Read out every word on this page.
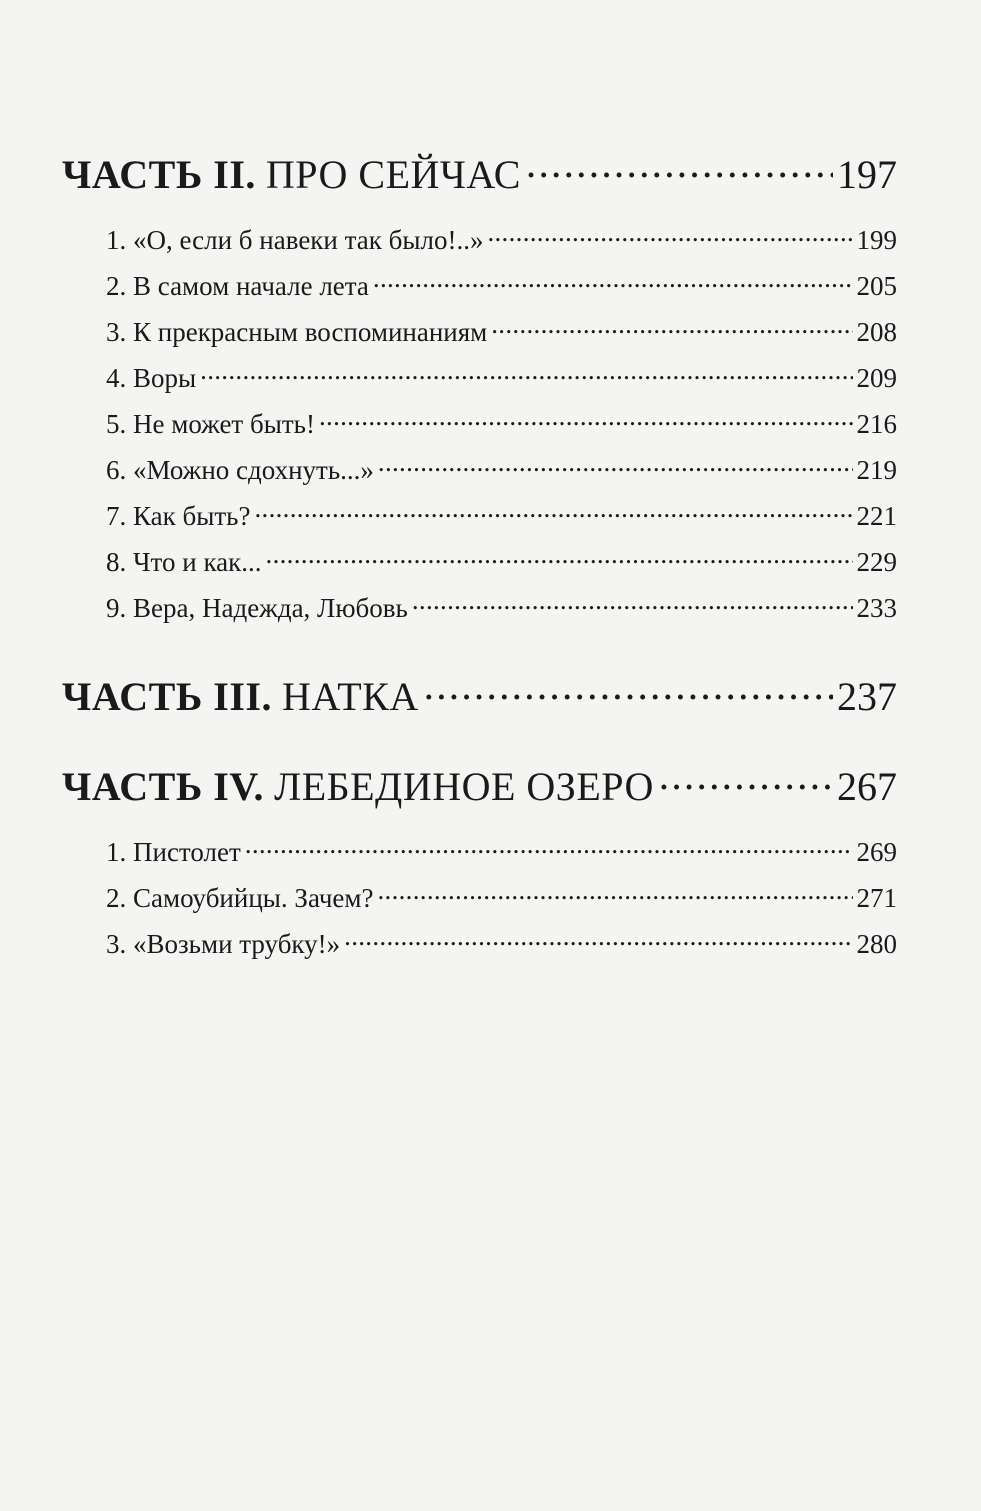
ЧАСТЬ II. ПРО СЕЙЧАС .....	197
1. «О, если б навеки так было!..» .....	199
2. В самом начале лета .....	205
3. К прекрасным воспоминаниям .....	208
4. Воры .....	209
5. Не может быть! .....	216
6. «Можно сдохнуть...» .....	219
7. Как быть? .....	221
8. Что и как... .....	229
9. Вера, Надежда, Любовь .....	233
ЧАСТЬ III. НАТКА .....	237
ЧАСТЬ IV. ЛЕБЕДИНОЕ ОЗЕРО .....	267
1. Пистолет .....	269
2. Самоубийцы. Зачем? .....	271
3. «Возьми трубку!» .....	280
